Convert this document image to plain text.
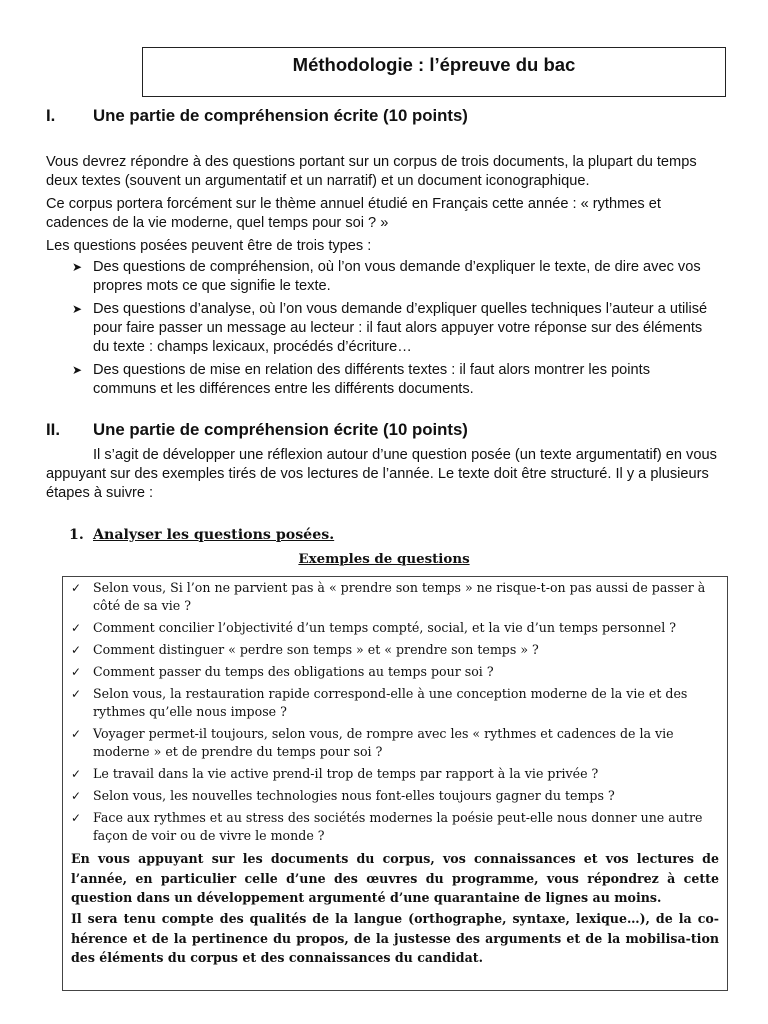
Méthodologie : l’épreuve du bac
I. Une partie de compréhension écrite (10 points)

Vous devrez répondre à des questions portant sur un corpus de trois documents, la plupart du temps deux textes (souvent un argumentatif et un narratif) et un document iconographique.

Ce corpus portera forcément sur le thème annuel étudié en Français cette année : « rythmes et cadences de la vie moderne, quel temps pour soi ? »

Les questions posées peuvent être de trois types :

➤ Des questions de compréhension, où l’on vous demande d’expliquer le texte, de dire avec vos propres mots ce que signifie le texte.
➤ Des questions d’analyse, où l’on vous demande d’expliquer quelles techniques l’auteur a utilisé pour faire passer un message au lecteur : il faut alors appuyer votre réponse sur des éléments du texte : champs lexicaux, procédés d’écriture…
➤ Des questions de mise en relation des différents textes : il faut alors montrer les points communs et les différences entre les différents documents.
II. Une partie de compréhension écrite (10 points)

Il s’agit de développer une réflexion autour d’une question posée (un texte argumentatif) en vous appuyant sur des exemples tirés de vos lectures de l’année. Le texte doit être structuré. Il y a plusieurs étapes à suivre :

1. Analyser les questions posées.
Exemples de questions
✓ Selon vous, Si l’on ne parvient pas à « prendre son temps » ne risque-t-on pas aussi de passer à côté de sa vie ?
✓ Comment concilier l’objectivité d’un temps compté, social, et la vie d’un temps personnel ?
✓ Comment distinguer « perdre son temps » et « prendre son temps » ?
✓ Comment passer du temps des obligations au temps pour soi ?
✓ Selon vous, la restauration rapide correspond-elle à une conception moderne de la vie et des rythmes qu’elle nous impose ?
✓ Voyager permet-il toujours, selon vous, de rompre avec les « rythmes et cadences de la vie moderne » et de prendre du temps pour soi ?
✓ Le travail dans la vie active prend-il trop de temps par rapport à la vie privée ?
✓ Selon vous, les nouvelles technologies nous font-elles toujours gagner du temps ?
✓ Face aux rythmes et au stress des sociétés modernes la poésie peut-elle nous donner une autre façon de voir ou de vivre le monde ?

En vous appuyant sur les documents du corpus, vos connaissances et vos lectures de l’année, en particulier celle d’une des œuvres du programme, vous répondrez à cette question dans un développement argumenté d’une quarantaine de lignes au moins.

Il sera tenu compte des qualités de la langue (orthographe, syntaxe, lexique…), de la co-hérence et de la pertinence du propos, de la justesse des arguments et de la mobilisa-tion des éléments du corpus et des connaissances du candidat.
